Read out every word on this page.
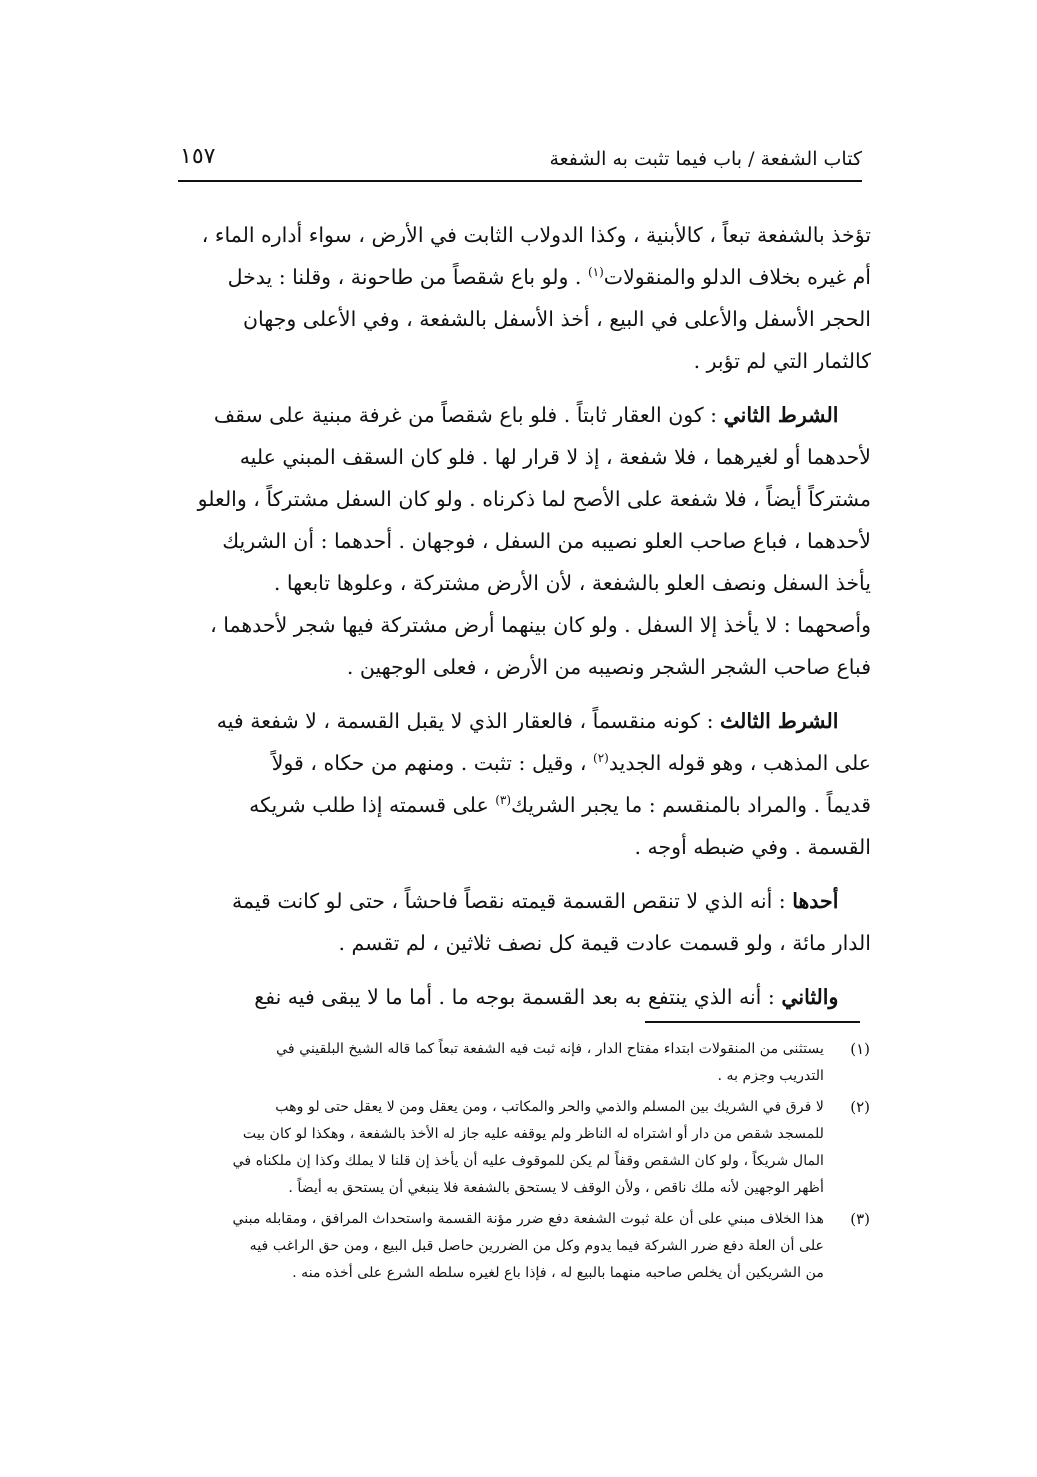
كتاب الشفعة / باب فيما تثبت به الشفعة
١٥٧
تؤخذ بالشفعة تبعاً ، كالأبنية ، وكذا الدولاب الثابت في الأرض ، سواء أداره الماء ،
أم غيره بخلاف الدلو والمنقولات$^{(١)}$ . ولو باع شقصاً من طاحونة ، وقلنا : يدخل
الحجر الأسفل والأعلى في البيع ، أخذ الأسفل بالشفعة ، وفي الأعلى وجهان
كالثمار التي لم تؤبر .
الشرط الثاني : كون العقار ثابتاً . فلو باع شقصاً من غرفة مبنية على سقف
لأحدهما أو لغيرهما ، فلا شفعة ، إذ لا قرار لها . فلو كان السقف المبني عليه
مشتركاً أيضاً ، فلا شفعة على الأصح لما ذكرناه . ولو كان السفل مشتركاً ، والعلو
لأحدهما ، فباع صاحب العلو نصيبه من السفل ، فوجهان . أحدهما : أن الشريك
يأخذ السفل ونصف العلو بالشفعة ، لأن الأرض مشتركة ، وعلوها تابعها .
وأصحهما : لا يأخذ إلا السفل . ولو كان بينهما أرض مشتركة فيها شجر لأحدهما ،
فباع صاحب الشجر الشجر ونصيبه من الأرض ، فعلى الوجهين .
الشرط الثالث : كونه منقسماً ، فالعقار الذي لا يقبل القسمة ، لا شفعة فيه
على المذهب ، وهو قوله الجديد$^{(٢)}$ ، وقيل : تثبت . ومنهم من حكاه ، قولاً
قديماً . والمراد بالمنقسم : ما يجبر الشريك$^{(٣)}$ على قسمته إذا طلب شريكه
القسمة . وفي ضبطه أوجه .
أحدها : أنه الذي لا تنقص القسمة قيمته نقصاً فاحشاً ، حتى لو كانت قيمة
الدار مائة ، ولو قسمت عادت قيمة كل نصف ثلاثين ، لم تقسم .
والثاني : أنه الذي ينتفع به بعد القسمة بوجه ما . أما ما لا يبقى فيه نفع
(١)
يستثنى من المنقولات ابتداء مفتاح الدار ، فإنه ثبت فيه الشفعة تبعاً كما قاله الشيخ البلقيني في
التدريب وجزم به .
(٢)
لا فرق في الشريك بين المسلم والذمي والحر والمكاتب ، ومن يعقل ومن لا يعقل حتى لو وهب
للمسجد شقص من دار أو اشتراه له الناظر ولم يوقفه عليه جاز له الأخذ بالشفعة ، وهكذا لو كان بيت
المال شريكاً ، ولو كان الشقص وقفاً لم يكن للموقوف عليه أن يأخذ إن قلنا لا يملك وكذا إن ملكناه في
أظهر الوجهين لأنه ملك ناقص ، ولأن الوقف لا يستحق بالشفعة فلا ينبغي أن يستحق به أيضاً .
(٣)
هذا الخلاف مبني على أن علة ثبوت الشفعة دفع ضرر مؤنة القسمة واستحداث المرافق ، ومقابله مبني
على أن العلة دفع ضرر الشركة فيما يدوم وكل من الضررين حاصل قبل البيع ، ومن حق الراغب فيه
من الشريكين أن يخلص صاحبه منهما بالبيع له ، فإذا باع لغيره سلطه الشرع على أخذه منه .
